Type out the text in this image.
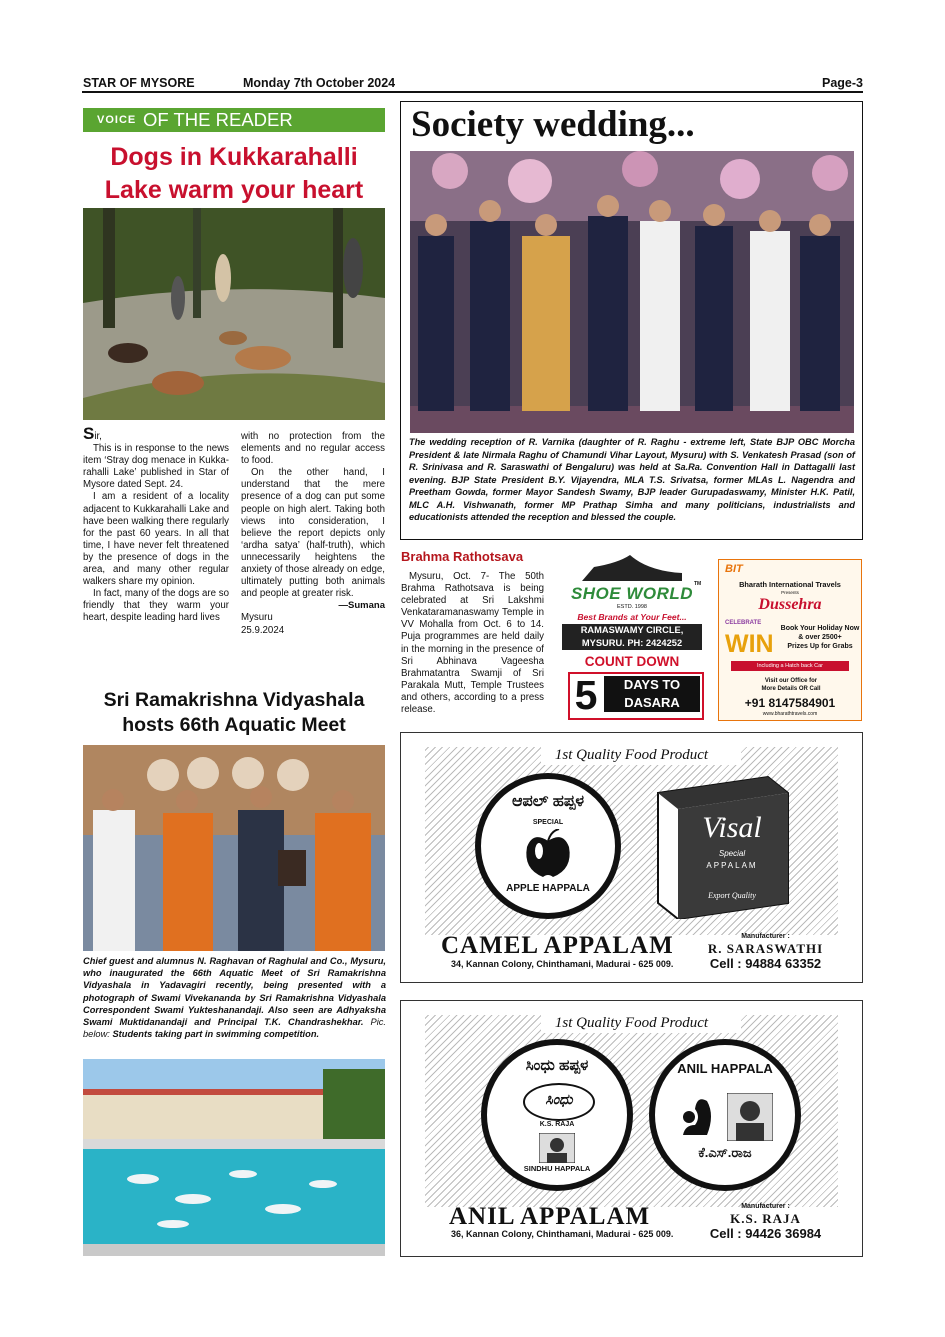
STAR OF MYSORE	Monday 7th October 2024	Page-3
VOICE OF THE READER
Dogs in Kukkarahalli
Lake warm your heart
Sir,

This is in response to the news item ‘Stray dog menace in Kukka-rahalli Lake’ published in Star of Mysore dated Sept. 24.

I am a resident of a locality adjacent to Kukkarahalli Lake and have been walking there regularly for the past 60 years. In all that time, I have never felt threatened by the presence of dogs in the area, and many other regular walkers share my opinion.

In fact, many of the dogs are so friendly that they warm your heart, despite leading hard lives

with no protection from the elements and no regular access to food.

On the other hand, I understand that the mere presence of a dog can put some people on high alert. Taking both views into consideration, I believe the report depicts only ‘ardha satya’ (half-truth), which unnecessarily heightens the anxiety of those already on edge, ultimately putting both animals and people at greater risk.

—Sumana
Mysuru
25.9.2024
Society wedding...
The wedding reception of R. Varnika (daughter of R. Raghu - extreme left, State BJP OBC Morcha President & late Nirmala Raghu of Chamundi Vihar Layout, Mysuru) with S. Venkatesh Prasad (son of R. Srinivasa and R. Saraswathi of Bengaluru) was held at Sa.Ra. Convention Hall in Dattagalli last evening. BJP State President B.Y. Vijayendra, MLA T.S. Srivatsa, former MLAs L. Nagendra and Preetham Gowda, former Mayor Sandesh Swamy, BJP leader Gurupadaswamy, Minister H.K. Patil, MLC A.H. Vishwanath, former MP Prathap Simha and many politicians, industrialists and educationists attended the reception and blessed the couple.
Brahma Rathotsava
Mysuru, Oct. 7- The 50th Brahma Rathotsava is being celebrated at Sri Lakshmi Venkataramanaswamy Temple in VV Mohalla from Oct. 6 to 14. Puja programmes are held daily in the morning in the presence of Sri Abhinava Vageesha Brahmatantra Swamji of Sri Parakala Mutt, Temple Trustees and others, according to a press release.
SHOE WORLD TM
ESTD. 1998
Best Brands at Your Feet...
RAMASWAMY CIRCLE,
MYSURU. PH: 2424252
COUNT DOWN
5	DAYS TO
DASARA
BIT
Bharath International Travels
Presents
Dussehra
CELEBRATE
WIN
Book Your Holiday Now
& over 2500+
Prizes Up for Grabs
Including a Hatch back Car
Visit our Office for
More Details OR Call
+91 8147584901
www.bharathtravels.com
Sri Ramakrishna Vidyashala
hosts 66th Aquatic Meet
Chief guest and alumnus N. Raghavan of Raghulal and Co., Mysuru, who inaugurated the 66th Aquatic Meet of Sri Ramakrishna Vidyashala in Yadavagiri recently, being presented with a photograph of Swami Vivekananda by Sri Ramakrishna Vidyashala Correspondent Swami Yukteshanandaji. Also seen are Adhyaksha Swami Muktidanandaji and Principal T.K. Chandrashekhar. Pic. below: Students taking part in swimming competition.
1st Quality Food Product
ಆಪಲ್ ಹಪ್ಪಳ
SPECIAL
APPLE HAPPALA
Visal
Special
APPALAM
Export Quality
CAMEL APPALAM
34, Kannan Colony, Chinthamani, Madurai - 625 009.
Manufacturer :
R. SARASWATHI
Cell : 94884 63352
1st Quality Food Product
ಸಿಂಧು ಹಪ್ಪಳ
ಸಿಂಧು
K.S. RAJA
SINDHU HAPPALA
ANIL HAPPALA
ಕೆ.ಎಸ್.ರಾಜ
ANIL APPALAM
36, Kannan Colony, Chinthamani, Madurai - 625 009.
Manufacturer :
K.S. RAJA
Cell : 94426 36984
